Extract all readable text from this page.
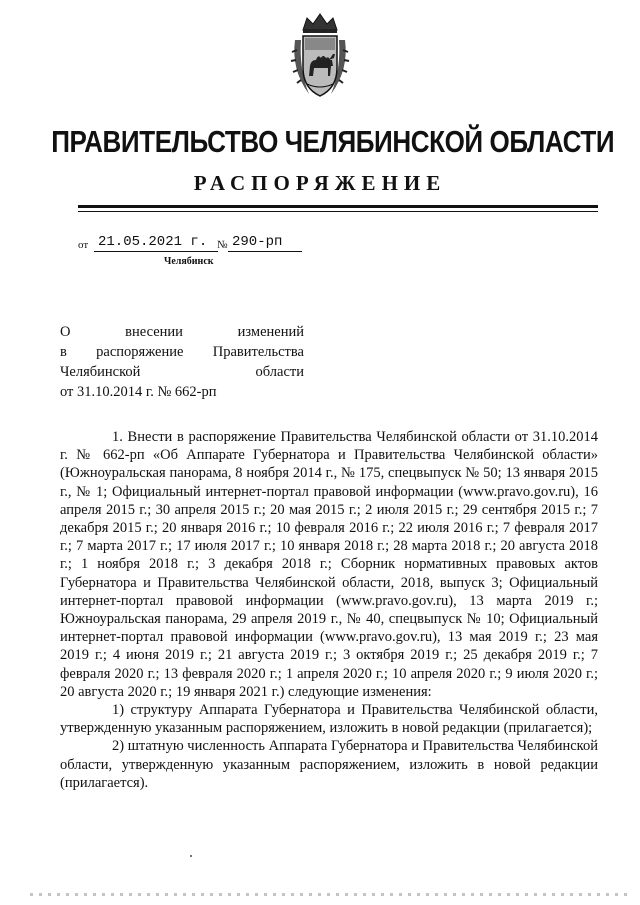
ПРАВИТЕЛЬСТВО ЧЕЛЯБИНСКОЙ ОБЛАСТИ
РАСПОРЯЖЕНИЕ
от 21.05.2021 г. № 290-рп
Челябинск
О внесении изменений
в распоряжение Правительства
Челябинской области
от 31.10.2014 г. № 662-рп

1. Внести в распоряжение Правительства Челябинской области от 31.10.2014 г. № 662-рп «Об Аппарате Губернатора и Правительства Челябинской области» (Южноуральская панорама, 8 ноября 2014 г., № 175, спецвыпуск № 50; 13 января 2015 г., № 1; Официальный интернет-портал правовой информации (www.pravo.gov.ru), 16 апреля 2015 г.; 30 апреля 2015 г.; 20 мая 2015 г.; 2 июля 2015 г.; 29 сентября 2015 г.; 7 декабря 2015 г.; 20 января 2016 г.; 10 февраля 2016 г.; 22 июля 2016 г.; 7 февраля 2017 г.; 7 марта 2017 г.; 17 июля 2017 г.; 10 января 2018 г.; 28 марта 2018 г.; 20 августа 2018 г.; 1 ноября 2018 г.; 3 декабря 2018 г.; Сборник нормативных правовых актов Губернатора и Правительства Челябинской области, 2018, выпуск 3; Официальный интернет-портал правовой информации (www.pravo.gov.ru), 13 марта 2019 г.; Южноуральская панорама, 29 апреля 2019 г., № 40, спецвыпуск № 10; Официальный интернет-портал правовой информации (www.pravo.gov.ru), 13 мая 2019 г.; 23 мая 2019 г.; 4 июня 2019 г.; 21 августа 2019 г.; 3 октября 2019 г.; 25 декабря 2019 г.; 7 февраля 2020 г.; 13 февраля 2020 г.; 1 апреля 2020 г.; 10 апреля 2020 г.; 9 июля 2020 г.; 20 августа 2020 г.; 19 января 2021 г.) следующие изменения:

1) структуру Аппарата Губернатора и Правительства Челябинской области, утвержденную указанным распоряжением, изложить в новой редакции (прилагается);

2) штатную численность Аппарата Губернатора и Правительства Челябинской области, утвержденную указанным распоряжением, изложить в новой редакции (прилагается).
